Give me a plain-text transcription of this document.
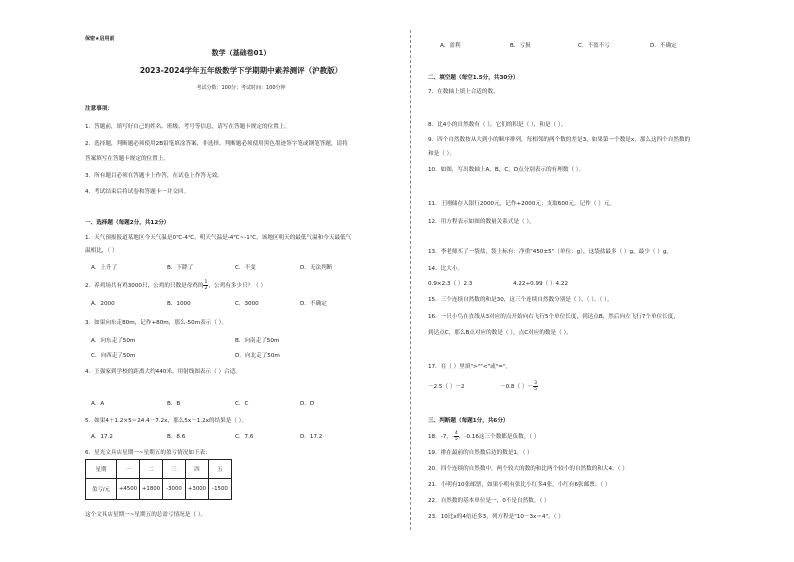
保密★启用前
数学（基础卷01）
2023-2024学年五年级数学下学期期中素养测评（沪教版）
考试分数：100分；考试时间：100分钟
注意事项：
1．答题前，填写好自己的姓名、班级、考号等信息，请写在答题卡规定的位置上。
2．选择题，判断题必须使用2B铅笔填涂答案，非选择、判断题必须使用黑色墨迹签字笔或钢笔答题，请将
答案填写在答题卡规定的位置上。
3．所有题目必须在答题卡上作答，在试卷上作答无效。
4．考试结束后将试卷和答题卡一并交回。
一、选择题（每题2分，共12分）
1．天气预报报道某地区今天气温是0℃-4℃，明天气温是-4℃~-1℃，该地区明天的最低气温和今天最低气
温相比，（ ）
A．上升了	B．下降了	C．不变	D．无法判断
2．养鸡场共有鸡3000只，公鸡的只数是母鸡的 $\frac{1}{2}$ ，公鸡有多少只？（ ）
A．2000	B．1000	C．3000	D．不确定
3．如果向东走80m，记作+80m，那么-50m表示（ ）。
A．向东走了50m	B．向南走了50m
C．向西走了50m	D．向北走了50m
4．王强家到学校的距离大约440米，用射线图表示（ ）合适。
A．A	B．B	C．C	D．D
5．如果4＋1.2×5＝24.4－7.2x，那么5x－1.2x的结果是（ ）。
A．17.2	B．8.6	C．7.6	D．17.2
6．星光文具店星期一~星期五的盈亏情况如下表：
星期	一	二	三	四	五
盈亏/元	+4500	+1800	-3000	+3000	-1500
这个文具店星期一~星期五的总盈亏情况是（ ）。
A．盈利	B．亏损	C．不盈不亏	D．不确定
二、填空题（每空1.5分，共30分）
7．在数轴上填上合适的数。
8．比4小的自然数有（ ），它们的积是（ ），和是（ ）。
9．四个自然数按从大到小的顺序排列，每相邻的两个数的差是3，如果第一个数是x，那么这四个自然数的
和是（ ）。
10．如图，写出数轴上A，B，C，D点分别表示的有理数（ ）。
11．王刚储存入银行2000元，记作+2000元；支取600元，记作（ ）元。
12．用方程表示如图的数量关系式是（ ）。
13．李老师买了一袋盐，袋上标有：净重"450±5"（单位：g），这袋盐最多（ ）g，最少（ ）g。
14．比大小。
0.9×2.3（ ）2.3	4.22÷0.99（ ）4.22
15．三个连续自然数的和是30，这三个连续自然数分别是（ ）、（ ）、（ ）。
16．一只小鸟在直线从3对应的点开始向右飞行5个单位长度，到达点B，然后向左飞行7个单位长度，
到达点C，那么B点对应的数是（ ），点C对应的数是（ ）。
17．在（ ）里填">""<"或"="。
－2.5（ ）－2	－0.8（ ）－ $\frac{3}{5}$
三、判断题（每题1分，共6分）
18．-7，- $\frac{4}{5}$ ，-0.16这三个数都是负数。（ ）
19．排在最前的自然数后边的数是1。（ ）
20．四个连续的自然数中，两个较大的数的和比两个较小的自然数的和大4。（ ）
21．小明有10张邮票，如果小明有张比小红多4张，小红有6张邮票。（ ）
22．自然数的基本单位是一，0不是自然数。（ ）
23．10比x的4倍还多3，列方程是"10－3x＝4"。（ ）
